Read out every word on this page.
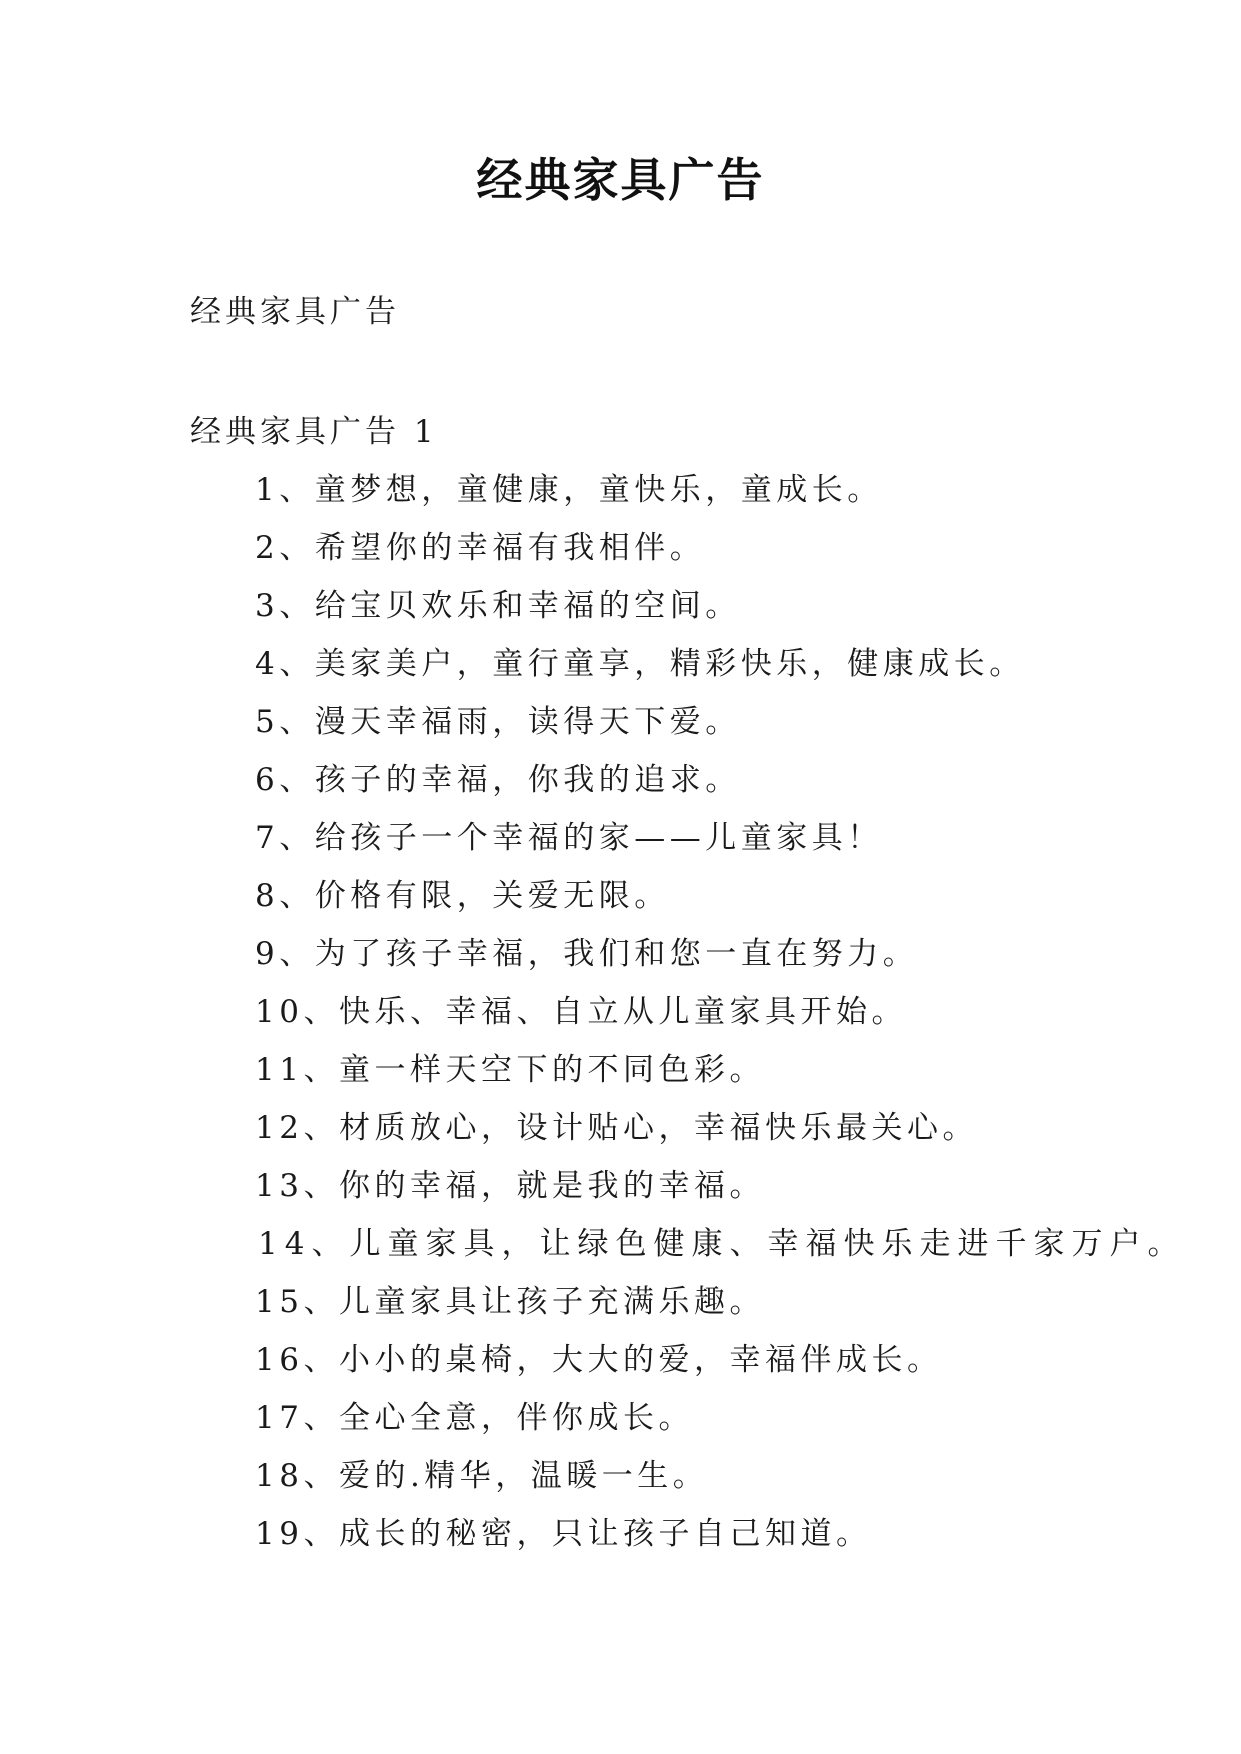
经典家具广告
经典家具广告
经典家具广告 1
1、童梦想，童健康，童快乐，童成长。
2、希望你的幸福有我相伴。
3、给宝贝欢乐和幸福的空间。
4、美家美户，童行童享，精彩快乐，健康成长。
5、漫天幸福雨，读得天下爱。
6、孩子的幸福，你我的追求。
7、给孩子一个幸福的家——儿童家具！
8、价格有限，关爱无限。
9、为了孩子幸福，我们和您一直在努力。
10、快乐、幸福、自立从儿童家具开始。
11、童一样天空下的不同色彩。
12、材质放心，设计贴心，幸福快乐最关心。
13、你的幸福，就是我的幸福。
14、儿童家具，让绿色健康、幸福快乐走进千家万户。
15、儿童家具让孩子充满乐趣。
16、小小的桌椅，大大的爱，幸福伴成长。
17、全心全意，伴你成长。
18、爱的.精华，温暖一生。
19、成长的秘密，只让孩子自己知道。
